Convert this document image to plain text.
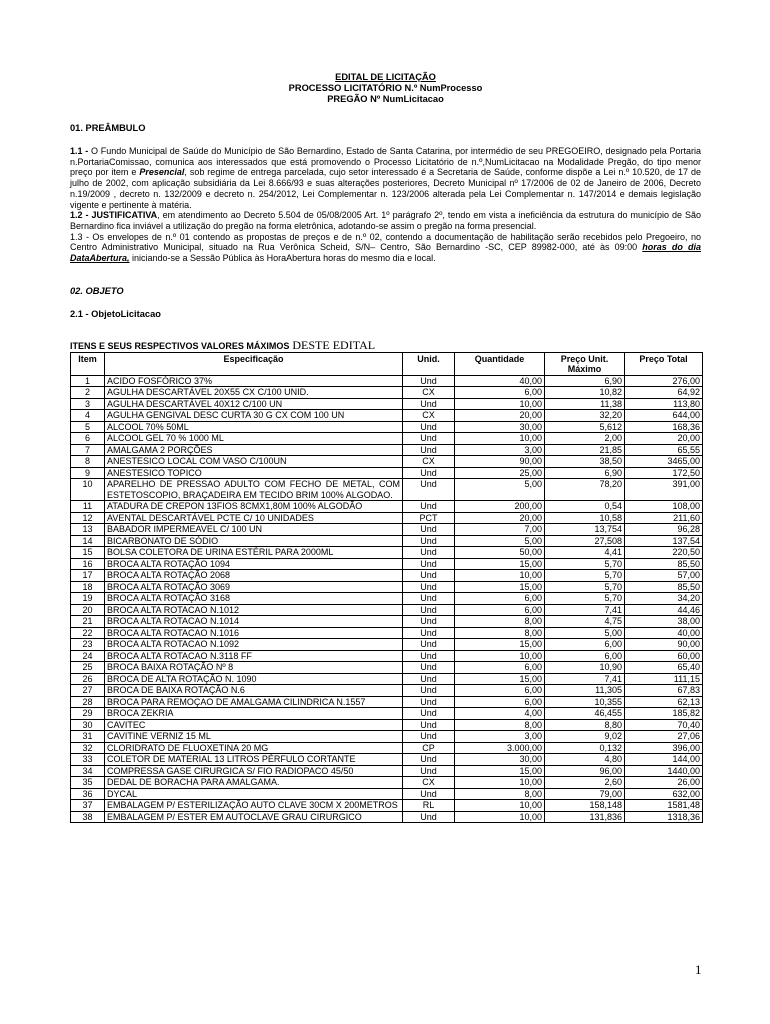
EDITAL DE LICITAÇÃO
PROCESSO LICITATÓRIO N.º NumProcesso
PREGÃO Nº NumLicitacao
01. PREÂMBULO

1.1 - O Fundo Municipal de Saúde do Município de São Bernardino, Estado de Santa Catarina, por intermédio de seu PREGOEIRO, designado pela Portaria n.PortariaComissao, comunica aos interessados que está promovendo o Processo Licitatório de n.º,NumLicitacao na Modalidade Pregão, do tipo menor preço por item e Presencial, sob regime de entrega parcelada, cujo setor interessado é a Secretaria de Saúde, conforme dispõe a Lei n.º 10.520, de 17 de julho de 2002, com aplicação subsidiária da Lei 8.666/93 e suas alterações posteriores, Decreto Municipal nº 17/2006 de 02 de Janeiro de 2006, Decreto n.19/2009 , decreto n. 132/2009 e decreto n. 254/2012, Lei Complementar n. 123/2006 alterada pela Lei Complementar n. 147/2014 e demais legislação vigente e pertinente à matéria.

1.2 - JUSTIFICATIVA, em atendimento ao Decreto 5.504 de 05/08/2005 Art. 1º parágrafo 2º, tendo em vista a ineficiência da estrutura do município de São Bernardino fica inviável a utilização do pregão na forma eletrônica, adotando-se assim o pregão na forma presencial.

1.3 - Os envelopes de n.º 01 contendo as propostas de preços e de n.º 02, contendo a documentação de habilitação serão recebidos pelo Pregoeiro, no Centro Administrativo Municipal, situado na Rua Verônica Scheid, S/N– Centro, São Bernardino -SC, CEP 89982-000, até às 09:00 horas do dia DataAbertura, iniciando-se a Sessão Pública às HoraAbertura horas do mesmo dia e local.

02. OBJETO
2.1 - ObjetoLicitacao
ITENS E SEUS RESPECTIVOS VALORES MÁXIMOS DESTE EDITAL
Item	Especificação	Unid.	Quantidade	Preço Unit. Máximo	Preço Total
1	ACIDO FOSFÓRICO 37%	Und	40,00	6,90	276,00
2	AGULHA DESCARTÁVEL 20X55 CX C/100 UNID.	CX	6,00	10,82	64,92
3	AGULHA DESCARTÁVEL 40X12 C/100 UN	Und	10,00	11,38	113,80
4	AGULHA GENGIVAL DESC CURTA 30 G CX COM 100 UN	CX	20,00	32,20	644,00
5	ALCOOL 70% 50ML	Und	30,00	5,612	168,36
6	ALCOOL GEL 70 % 1000 ML	Und	10,00	2,00	20,00
7	AMALGAMA 2 PORÇÕES	Und	3,00	21,85	65,55
8	ANESTESICO LOCAL COM VASO C/100UN	CX	90,00	38,50	3465,00
9	ANESTESICO TOPICO	Und	25,00	6,90	172,50
10	APARELHO DE PRESSAO ADULTO COM FECHO DE METAL, COM ESTETOSCOPIO, BRAÇADEIRA EM TECIDO BRIM 100% ALGODAO.	Und	5,00	78,20	391,00
11	ATADURA DE CREPON 13FIOS 8CMX1,80M 100% ALGODÃO	Und	200,00	0,54	108,00
12	AVENTAL DESCARTÁVEL PCTE C/ 10 UNIDADES	PCT	20,00	10,58	211,60
13	BABADOR IMPERMEAVEL C/ 100 UN	Und	7,00	13,754	96,28
14	BICARBONATO DE SÓDIO	Und	5,00	27,508	137,54
15	BOLSA COLETORA DE URINA ESTÉRIL PARA 2000ML	Und	50,00	4,41	220,50
16	BROCA ALTA ROTAÇÃO 1094	Und	15,00	5,70	85,50
17	BROCA ALTA ROTAÇÃO 2068	Und	10,00	5,70	57,00
18	BROCA ALTA ROTAÇÃO 3069	Und	15,00	5,70	85,50
19	BROCA ALTA ROTAÇÃO 3168	Und	6,00	5,70	34,20
20	BROCA ALTA ROTACAO N.1012	Und	6,00	7,41	44,46
21	BROCA ALTA ROTACAO N.1014	Und	8,00	4,75	38,00
22	BROCA ALTA ROTACAO N.1016	Und	8,00	5,00	40,00
23	BROCA ALTA ROTACAO N.1092	Und	15,00	6,00	90,00
24	BROCA ALTA ROTACAO N.3118 FF	Und	10,00	6,00	60,00
25	BROCA BAIXA ROTAÇÃO Nº 8	Und	6,00	10,90	65,40
26	BROCA DE ALTA ROTAÇÃO N. 1090	Und	15,00	7,41	111,15
27	BROCA DE BAIXA ROTAÇÃO N.6	Und	6,00	11,305	67,83
28	BROCA PARA REMOÇAO DE AMALGAMA CILINDRICA N.1557	Und	6,00	10,355	62,13
29	BROCA ZEKRIA	Und	4,00	46,455	185,82
30	CAVITEC	Und	8,00	8,80	70,40
31	CAVITINE VERNIZ 15 ML	Und	3,00	9,02	27,06
32	CLORIDRATO DE FLUOXETINA 20 MG	CP	3.000,00	0,132	396,00
33	COLETOR DE MATERIAL 13 LITROS PÉRFULO CORTANTE	Und	30,00	4,80	144,00
34	COMPRESSA GASE CIRURGICA S/ FIO RADIOPACO 45/50	Und	15,00	96,00	1440,00
35	DEDAL DE BORACHA PARA AMALGAMA.	CX	10,00	2,60	26,00
36	DYCAL	Und	8,00	79,00	632,00
37	EMBALAGEM P/ ESTERILIZAÇÃO AUTO CLAVE 30CM X 200METROS	RL	10,00	158,148	1581,48
38	EMBALAGEM P/ ESTER EM AUTOCLAVE GRAU CIRURGICO	Und	10,00	131,836	1318,36
1
